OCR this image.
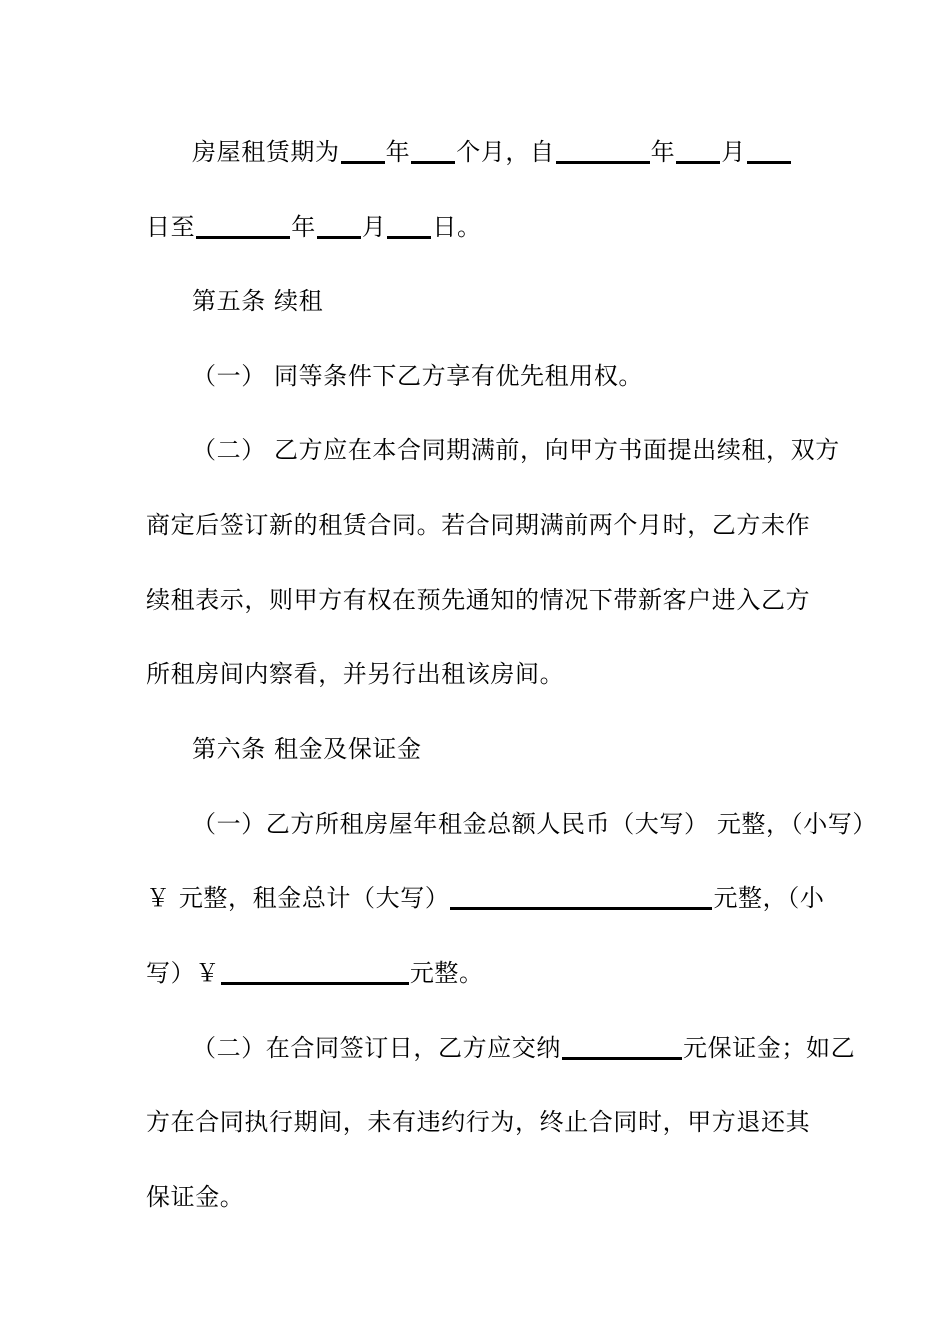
房屋租赁期为 年 个月，自	年 月
日至	年 月 日。
第五条 续租
（一） 同等条件下乙方享有优先租用权。
（二） 乙方应在本合同期满前，向甲方书面提出续租，双方
商定后签订新的租赁合同。若合同期满前两个月时，乙方未作
续租表示，则甲方有权在预先通知的情况下带新客户进入乙方
所租房间内察看，并另行出租该房间。
第六条 租金及保证金
（一）乙方所租房屋年租金总额人民币（大写） 元整，（小写）
￥ 元整，租金总计（大写）	元整，（小
写）￥	元整。
（二）在合同签订日，乙方应交纳	元保证金；如乙
方在合同执行期间，未有违约行为，终止合同时，甲方退还其
保证金。
